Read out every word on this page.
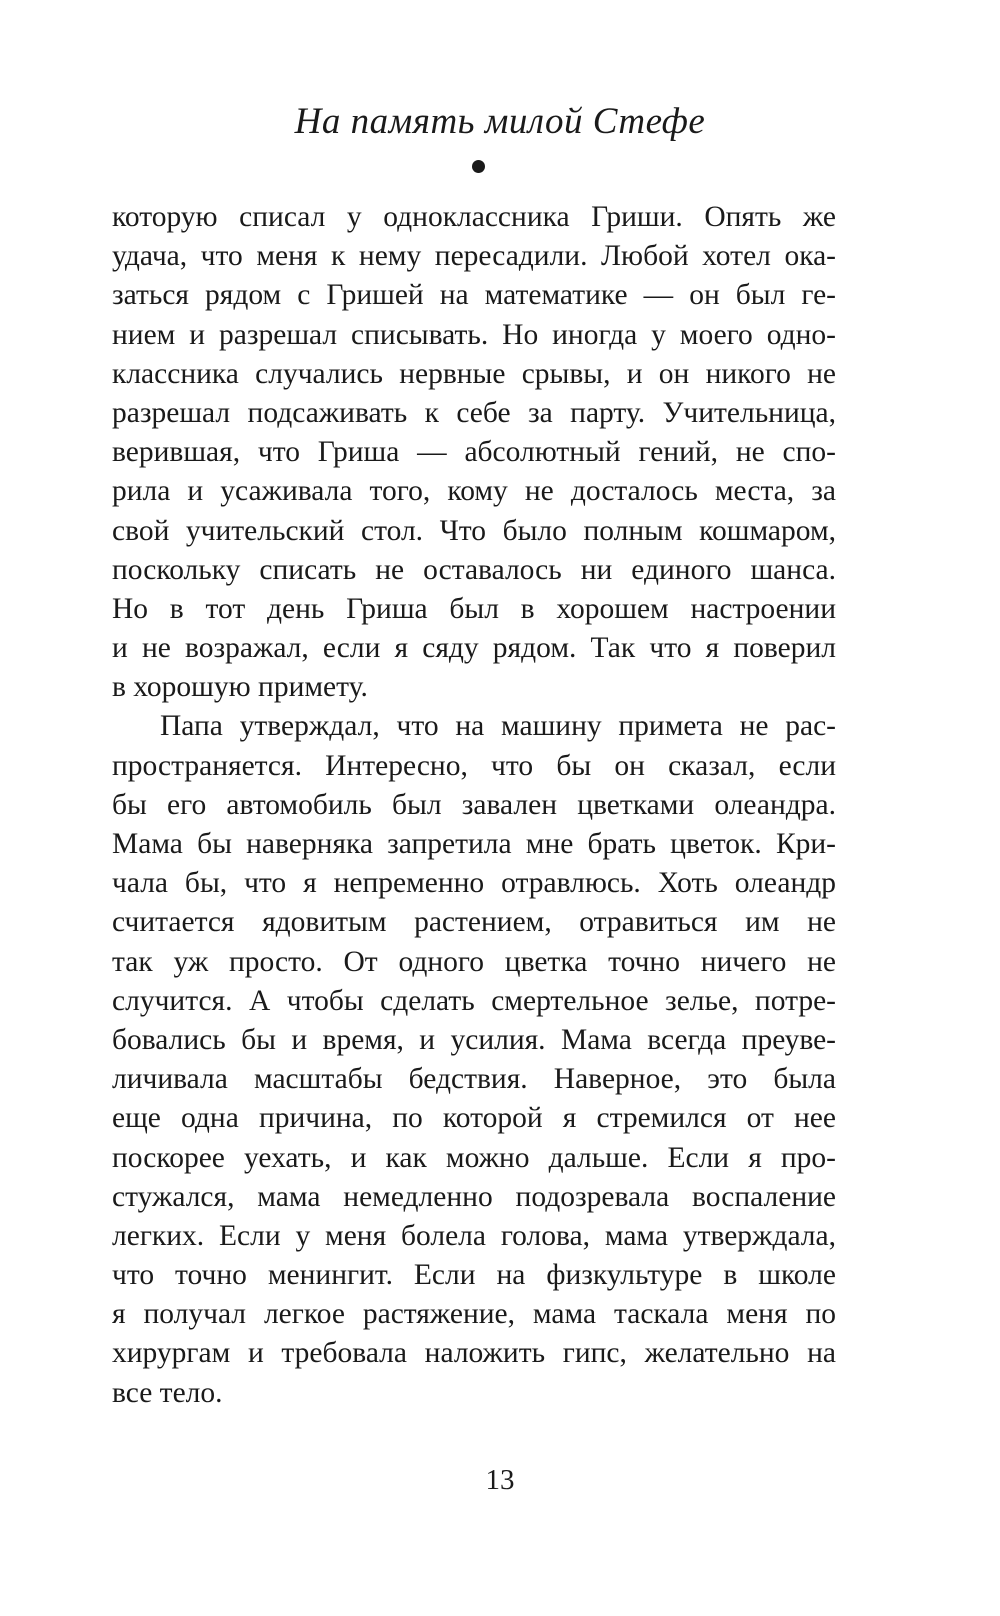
На память милой Стефе
которую списал у одноклассника Гриши. Опять же
удача, что меня к нему пересадили. Любой хотел ока-
заться рядом с Гришей на математике — он был ге-
нием и разрешал списывать. Но иногда у моего одно-
классника случались нервные срывы, и он никого не
разрешал подсаживать к себе за парту. Учительница,
верившая, что Гриша — абсолютный гений, не спо-
рила и усаживала того, кому не досталось места, за
свой учительский стол. Что было полным кошмаром,
поскольку списать не оставалось ни единого шанса.
Но в тот день Гриша был в хорошем настроении
и не возражал, если я сяду рядом. Так что я поверил
в хорошую примету.
Папа утверждал, что на машину примета не рас-
пространяется. Интересно, что бы он сказал, если
бы его автомобиль был завален цветками олеандра.
Мама бы наверняка запретила мне брать цветок. Кри-
чала бы, что я непременно отравлюсь. Хоть олеандр
считается ядовитым растением, отравиться им не
так уж просто. От одного цветка точно ничего не
случится. А чтобы сделать смертельное зелье, потре-
бовались бы и время, и усилия. Мама всегда преуве-
личивала масштабы бедствия. Наверное, это была
еще одна причина, по которой я стремился от нее
поскорее уехать, и как можно дальше. Если я про-
стужался, мама немедленно подозревала воспаление
легких. Если у меня болела голова, мама утверждала,
что точно менингит. Если на физкультуре в школе
я получал легкое растяжение, мама таскала меня по
хирургам и требовала наложить гипс, желательно на
все тело.
13
